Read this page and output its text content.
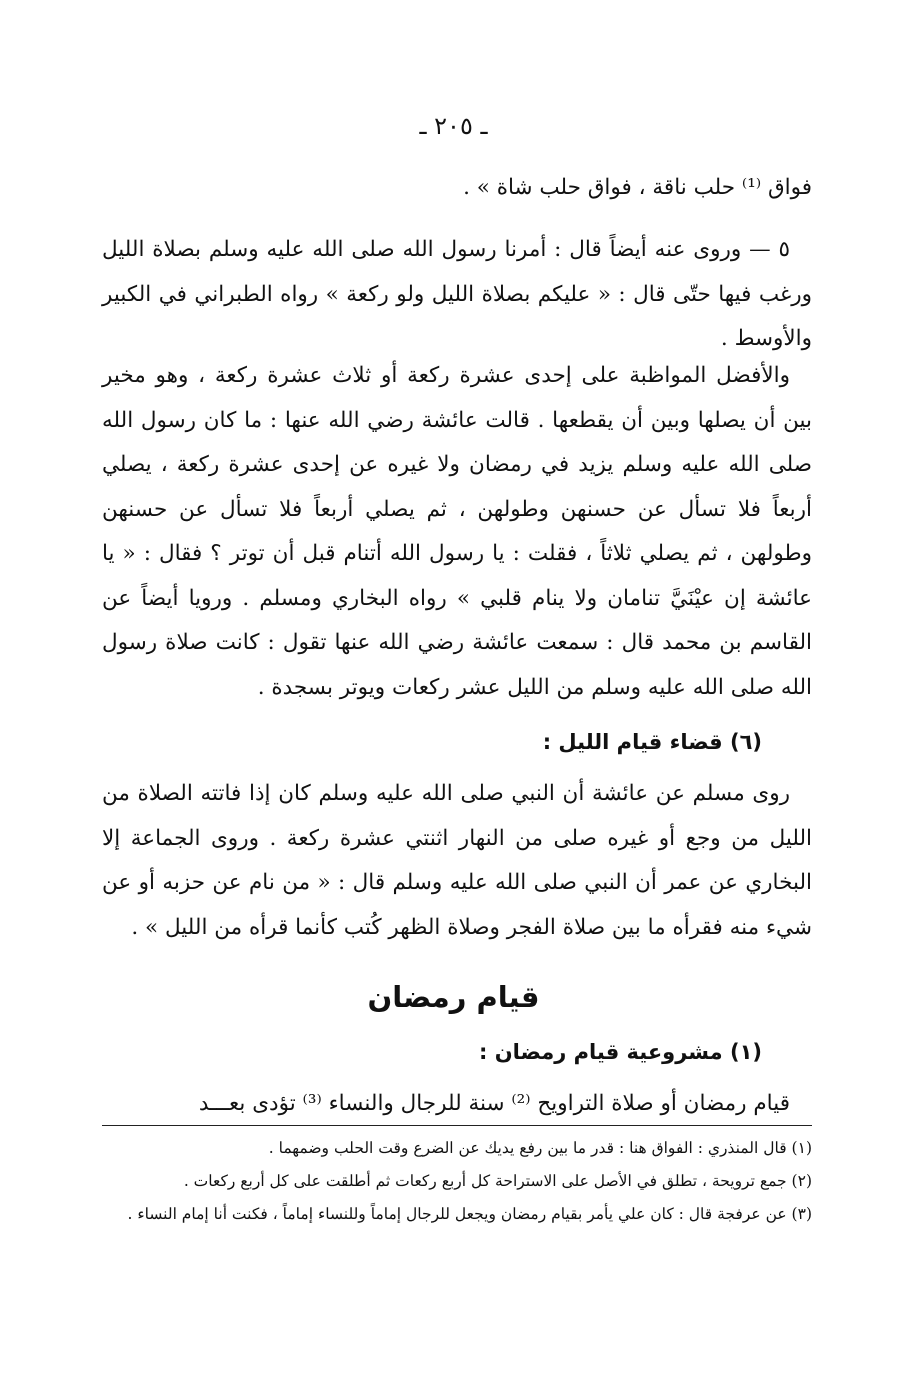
ـ ٢٠٥ ـ

فواق ⁽¹⁾ حلب ناقة ، فواق حلب شاة » .

٥ — وروى عنه أيضاً قال : أمرنا رسول الله صلى الله عليه وسلم بصلاة الليل ورغب فيها حتّى قال : « عليكم بصلاة الليل ولو ركعة » رواه الطبراني في الكبير والأوسط .

والأفضل المواظبة على إحدى عشرة ركعة أو ثلاث عشرة ركعة ، وهو مخير بين أن يصلها وبين أن يقطعها . قالت عائشة رضي الله عنها : ما كان رسول الله صلى الله عليه وسلم يزيد في رمضان ولا غيره عن إحدى عشرة ركعة ، يصلي أربعاً فلا تسأل عن حسنهن وطولهن ، ثم يصلي أربعاً فلا تسأل عن حسنهن وطولهن ، ثم يصلي ثلاثاً ، فقلت : يا رسول الله أتنام قبل أن توتر ؟ فقال : « يا عائشة إن عيْنَيَّ تنامان ولا ينام قلبي » رواه البخاري ومسلم . ورويا أيضاً عن القاسم بن محمد قال : سمعت عائشة رضي الله عنها تقول : كانت صلاة رسول الله صلى الله عليه وسلم من الليل عشر ركعات ويوتر بسجدة .

(٦) قضاء قيام الليل :

روى مسلم عن عائشة أن النبي صلى الله عليه وسلم كان إذا فاتته الصلاة من الليل من وجع أو غيره صلى من النهار اثنتي عشرة ركعة . وروى الجماعة إلا البخاري عن عمر أن النبي صلى الله عليه وسلم قال : « من نام عن حزبه أو عن شيء منه فقرأه ما بين صلاة الفجر وصلاة الظهر كُتب كأنما قرأه من الليل » .

قيام رمضان
(١) مشروعية قيام رمضان :

قيام رمضان أو صلاة التراويح ⁽²⁾ سنة للرجال والنساء ⁽³⁾ تؤدى بعـــد

(١) قال المنذري : الفواق هنا : قدر ما بين رفع يديك عن الضرع وقت الحلب وضمهما .

(٢) جمع ترويحة ، تطلق في الأصل على الاستراحة كل أربع ركعات ثم أطلقت على كل أربع ركعات .

(٣) عن عرفجة قال : كان علي يأمر بقيام رمضان ويجعل للرجال إماماً وللنساء إماماً ، فكنت أنا إمام النساء .
